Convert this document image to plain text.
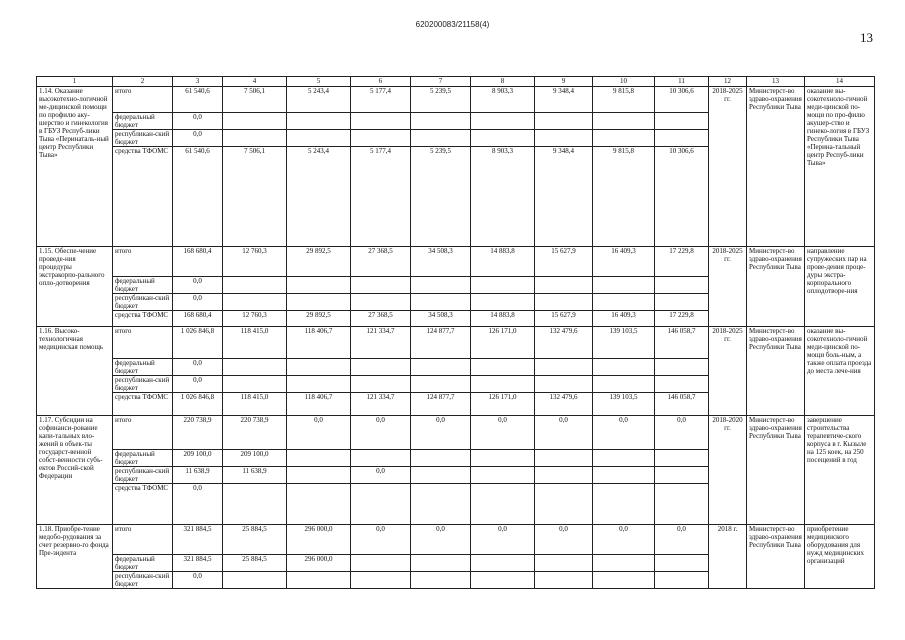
620200083/21158(4)
13
1	2	3	4	5	6	7	8	9	10	11	12	13	14
1.14. Оказание высокотехно-логичной ме-дицинской помощи по профилю аку-шерство и гинекология в ГБУЗ Респуб-лики Тыва «Перинаталь-ный центр Республики Тыва»	итого	61 540,6	7 506,1	5 243,4	5 177,4	5 239,5	8 903,3	9 348,4	9 815,8	10 306,6	2018-2025 гг.	Министерст-во здраво-охранения Республики Тыва	оказание вы-сокотехноло-гичной меди-цинской по-мощи по про-филю акушер-ство и гинеко-логия в ГБУЗ Республики Тыва «Перина-тальный центр Респуб-лики Тыва»
	федеральный бюджет	0,0											
	республикан-ский бюджет	0,0											
	средства ТФОМС	61 540,6	7 506,1	5 243,4	5 177,4	5 239,5	8 903,3	9 348,4	9 815,8	10 306,6			
1.15. Обеспе-чение проведе-ния процедуры экстракорпо-рального опло-дотворения	итого	168 680,4	12 760,3	29 892,5	27 368,5	34 508,3	14 883,8	15 627,9	16 409,3	17 229,8	2018-2025 гг.	Министерст-во здраво-охранения Республики Тыва	направление супружеских пар на прове-дения проце-дуры экстра-корпорального оплодотворе-ния
	федеральный бюджет	0,0											
	республикан-ский бюджет	0,0											
	средства ТФОМС	168 680,4	12 760,3	29 892,5	27 368,5	34 508,3	14 883,8	15 627,9	16 409,3	17 229,8			
1.16. Высоко-технологичная медицинская помощь	итого	1 026 846,8	118 415,0	118 406,7	121 334,7	124 877,7	126 171,0	132 479,6	139 103,5	146 058,7	2018-2025 гг.	Министерст-во здраво-охранения Республики Тыва	оказание вы-сокотехноло-гичной меди-цинской по-мощи боль-ным, а также оплата проезда до места лече-ния
	федеральный бюджет	0,0											
	республикан-ский бюджет	0,0											
	средства ТФОМС	1 026 846,8	118 415,0	118 406,7	121 334,7	124 877,7	126 171,0	132 479,6	139 103,5	146 058,7			
1.17. Субсидии на софинанси-рование капи-тальных вло-жений в объек-ты государст-венной собст-венности субъ-ектов Россий-ской Федерации	итого	220 738,9	220 738,9	0,0	0,0	0,0	0,0	0,0	0,0	0,0	2018-2020 гг.	Министерст-во здраво-охранения Республики Тыва	завершение строительства терапевтиче-ского корпуса в г. Кызыле на 125 коек, на 250 посещений в год
	федеральный бюджет	209 100,0	209 100,0										
	республикан-ский бюджет	11 638,9	11 638,9		0,0								
	средства ТФОМС	0,0											
1.18. Приобре-тение медобо-рудования за счет резервно-го фонда Пре-зидента	итого	321 884,5	25 884,5	296 000,0	0,0	0,0	0,0	0,0	0,0	0,0	2018 г.	Министерст-во здраво-охранения Республики Тыва	приобретение медицинского оборудования для нужд медицинских организаций
	федеральный бюджет	321 884,5	25 884,5	296 000,0									
	республикан-ский бюджет	0,0											
